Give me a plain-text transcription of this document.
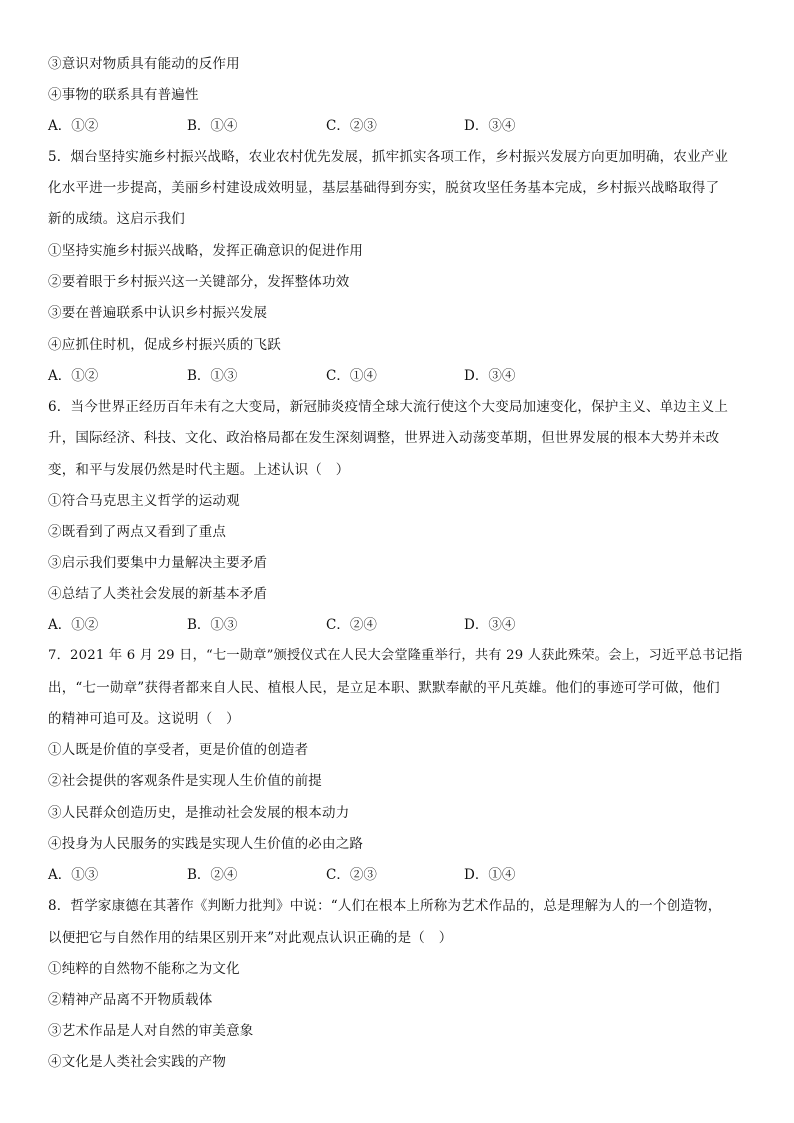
③意识对物质具有能动的反作用
④事物的联系具有普遍性
A．①②	B．①④	C．②③	D．③④
5．烟台坚持实施乡村振兴战略，农业农村优先发展，抓牢抓实各项工作，乡村振兴发展方向更加明确，农业产业
化水平进一步提高，美丽乡村建设成效明显，基层基础得到夯实，脱贫攻坚任务基本完成，乡村振兴战略取得了
新的成绩。这启示我们
①坚持实施乡村振兴战略，发挥正确意识的促进作用
②要着眼于乡村振兴这一关键部分，发挥整体功效
③要在普遍联系中认识乡村振兴发展
④应抓住时机，促成乡村振兴质的飞跃
A．①②	B．①③	C．①④	D．③④
6．当今世界正经历百年未有之大变局，新冠肺炎疫情全球大流行使这个大变局加速变化，保护主义、单边主义上
升，国际经济、科技、文化、政治格局都在发生深刻调整，世界进入动荡变革期，但世界发展的根本大势并未改
变，和平与发展仍然是时代主题。上述认识（　）
①符合马克思主义哲学的运动观
②既看到了两点又看到了重点
③启示我们要集中力量解决主要矛盾
④总结了人类社会发展的新基本矛盾
A．①②	B．①③	C．②④	D．③④
7．2021 年 6 月 29 日，“七一勋章”颁授仪式在人民大会堂隆重举行，共有 29 人获此殊荣。会上，习近平总书记指
出，“七一勋章”获得者都来自人民、植根人民，是立足本职、默默奉献的平凡英雄。他们的事迹可学可做，他们
的精神可追可及。这说明（　）
①人既是价值的享受者，更是价值的创造者
②社会提供的客观条件是实现人生价值的前提
③人民群众创造历史，是推动社会发展的根本动力
④投身为人民服务的实践是实现人生价值的必由之路
A．①③	B．②④	C．②③	D．①④
8．哲学家康德在其著作《判断力批判》中说：“人们在根本上所称为艺术作品的，总是理解为人的一个创造物，
以便把它与自然作用的结果区别开来”对此观点认识正确的是（　）
①纯粹的自然物不能称之为文化
②精神产品离不开物质载体
③艺术作品是人对自然的审美意象
④文化是人类社会实践的产物
